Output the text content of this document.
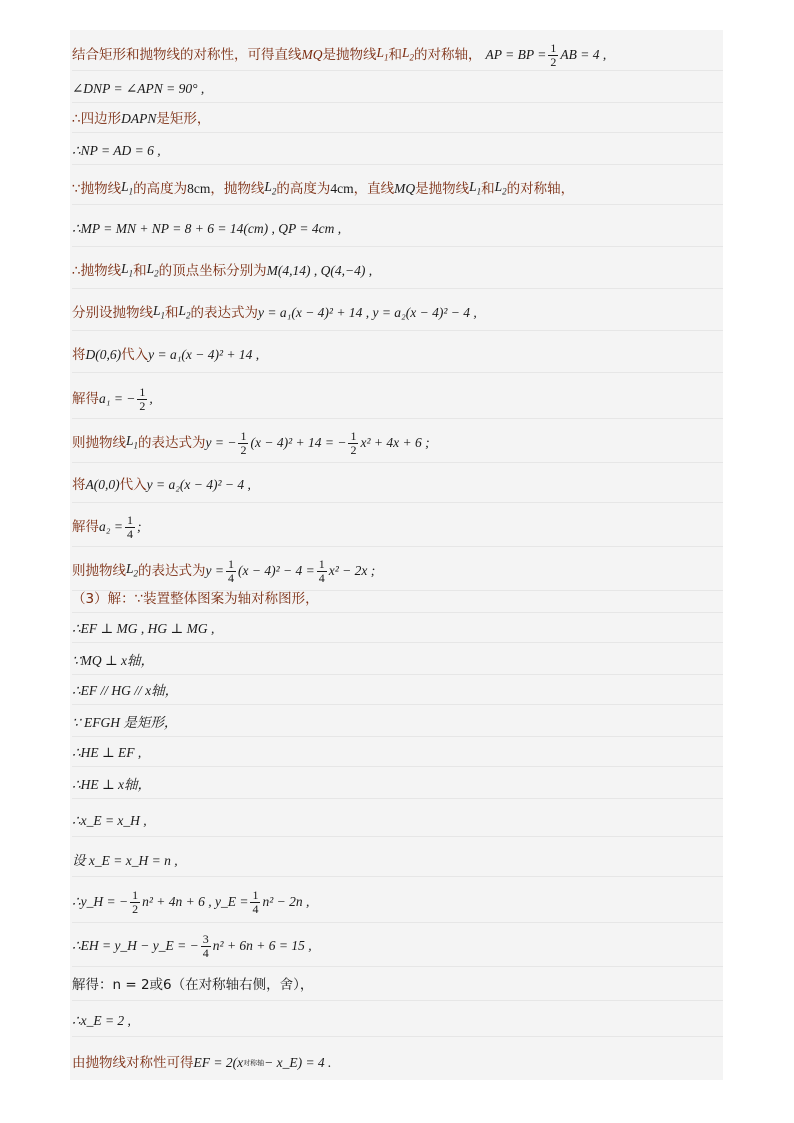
结合矩形和抛物线的对称性，可得直线 MQ 是抛物线 $L_1$ 和 $L_2$ 的对称轴， AP = BP = $\frac{1}{2}$ AB = 4 ,
∠DNP = ∠APN = 90° ,
∴四边形 DAPN 是矩形，
∴NP = AD = 6 ,
∵抛物线 $L_1$ 的高度为 8cm ，抛物线 $L_2$ 的高度为 4cm ，直线 MQ 是抛物线 $L_1$ 和 $L_2$ 的对称轴，
∴MP = MN + NP = 8 + 6 = 14(cm) , QP = 4cm ,
∴抛物线 $L_1$ 和 $L_2$ 的顶点坐标分别为 M(4,14) , Q(4,−4) ,
分别设抛物线 $L_1$ 和 $L_2$ 的表达式为 y = a₁(x − 4)² + 14 , y = a₂(x − 4)² − 4 ,
将 D(0,6) 代入 y = a₁(x − 4)² + 14 ,
解得 a₁ = − $\frac{1}{2}$ ,
则抛物线 $L_1$ 的表达式为 y = − $\frac{1}{2} (x - 4)^2 + 14$ = − $\frac{1}{2} x^2 + 4x + 6$ ;
将 A(0,0) 代入 y = a₂(x − 4)² − 4 ,
解得 $a_2 = \frac{1}{4}$ ;
则抛物线 $L_2$ 的表达式为 $y = \frac{1}{4} (x - 4)^2 - 4 = \frac{1}{4} x^2 - 2x$ ;
（3）解：∵装置整体图案为轴对称图形，
∴EF ⊥ MG , HG ⊥ MG ,
∵MQ ⊥ x轴，
∴EF // HG // x轴，
∵ EFGH 是矩形，
∴HE ⊥ EF ,
∴HE ⊥ x轴，
∴x_E = x_H ,
设 x_E = x_H = n ,
∴y_H = − $\frac{1}{2} n^2 + 4n + 6$ , y_E = $\frac{1}{4} n^2 - 2n$ ,
∴EH = y_H − y_E = − $\frac{3}{4} n^2 + 6n + 6 = 15$ ,
解得：n = 2或6（在对称轴右侧，舍），
∴x_E = 2 ,
由抛物线对称性可得 EF = 2(x 对称轴 − x_E) = 4 .
